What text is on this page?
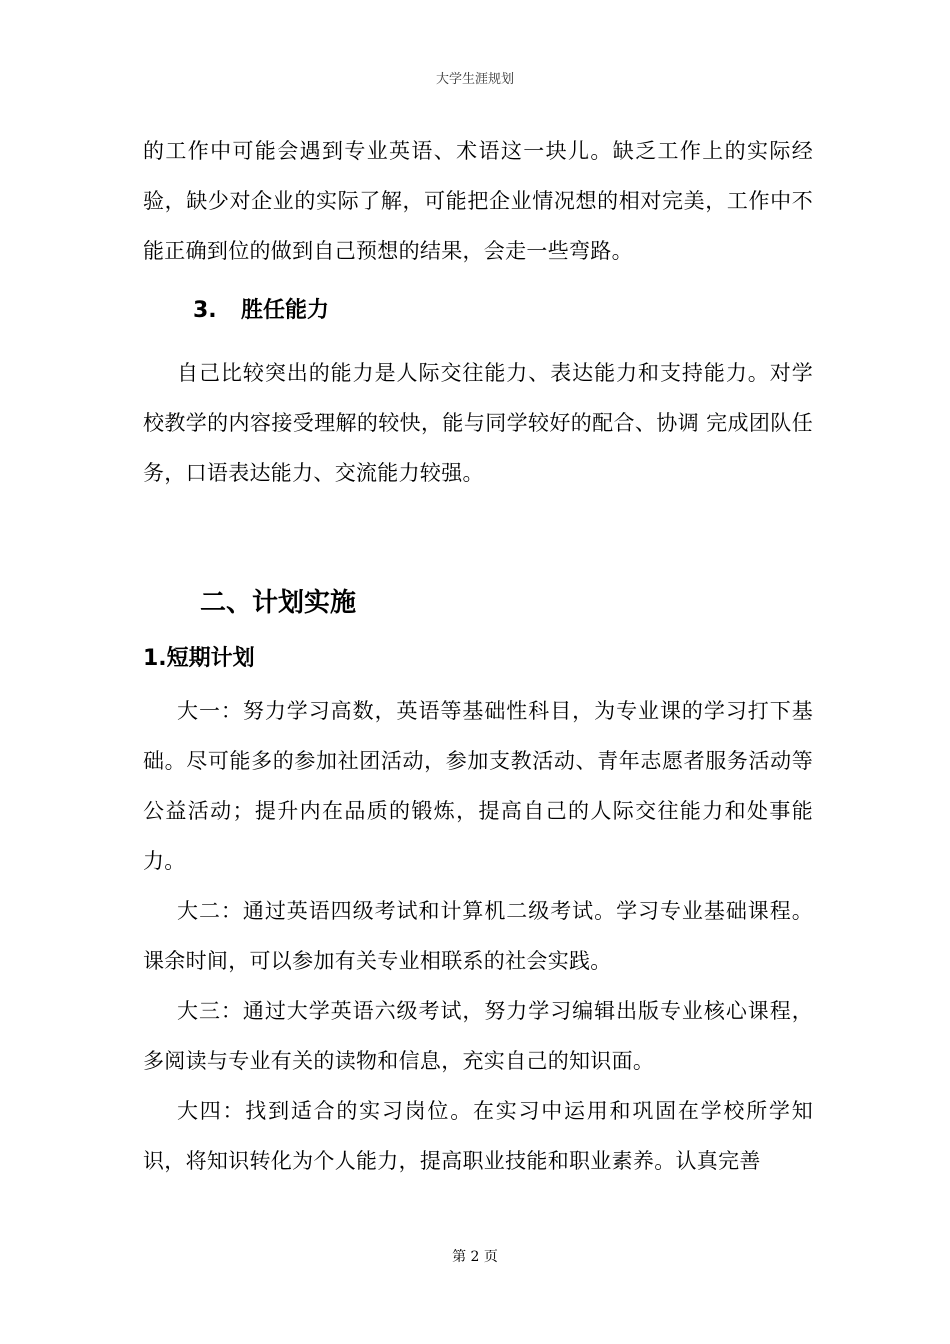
大学生涯规划

的工作中可能会遇到专业英语、术语这一块儿。缺乏工作上的实际经验，缺少对企业的实际了解，可能把企业情况想的相对完美，工作中不能正确到位的做到自己预想的结果，会走一些弯路。

3. 胜任能力

自己比较突出的能力是人际交往能力、表达能力和支持能力。对学校教学的内容接受理解的较快，能与同学较好的配合、协调 完成团队任务，口语表达能力、交流能力较强。

二、计划实施
1.短期计划

大一：努力学习高数，英语等基础性科目，为专业课的学习打下基础。尽可能多的参加社团活动，参加支教活动、青年志愿者服务活动等公益活动；提升内在品质的锻炼，提高自己的人际交往能力和处事能力。

大二：通过英语四级考试和计算机二级考试。学习专业基础课程。课余时间，可以参加有关专业相联系的社会实践。

大三：通过大学英语六级考试，努力学习编辑出版专业核心课程，多阅读与专业有关的读物和信息，充实自己的知识面。

大四：找到适合的实习岗位。在实习中运用和巩固在学校所学知识，将知识转化为个人能力，提高职业技能和职业素养。认真完善

第 2 页
